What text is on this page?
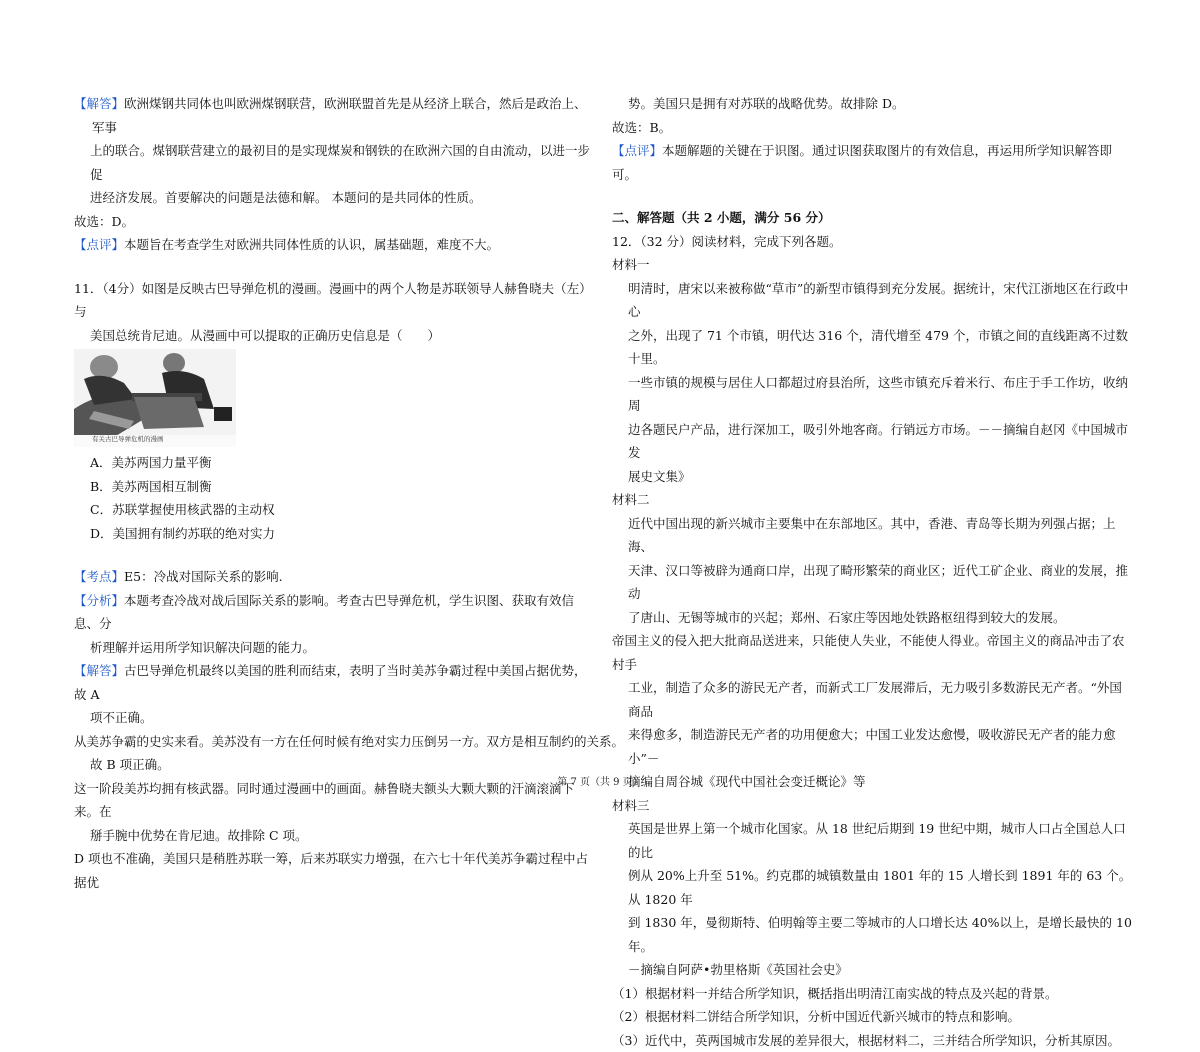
【解答】欧洲煤钢共同体也叫欧洲煤钢联营，欧洲联盟首先是从经济上联合，然后是政治上、军事

上的联合。煤钢联营建立的最初目的是实现煤炭和钢铁的在欧洲六国的自由流动，以进一步促

进经济发展。首要解决的问题是法德和解。 本题问的是共同体的性质。

故选：D。

【点评】本题旨在考查学生对欧洲共同体性质的认识，属基础题，难度不大。

11．（4分）如图是反映古巴导弹危机的漫画。漫画中的两个人物是苏联领导人赫鲁晓夫（左）与

美国总统肯尼迪。从漫画中可以提取的正确历史信息是（　　）

有关古巴导弹危机的漫画

A．美苏两国力量平衡

B．美苏两国相互制衡

C．苏联掌握使用核武器的主动权

D．美国拥有制约苏联的绝对实力

【考点】E5：冷战对国际关系的影响.

【分析】本题考查冷战对战后国际关系的影响。考查古巴导弹危机，学生识图、获取有效信息、分

析理解并运用所学知识解决问题的能力。

【解答】古巴导弹危机最终以美国的胜利而结束，表明了当时美苏争霸过程中美国占据优势，故 A

项不正确。

从美苏争霸的史实来看。美苏没有一方在任何时候有绝对实力压倒另一方。双方是相互制约的关系。

故 B 项正确。

这一阶段美苏均拥有核武器。同时通过漫画中的画面。赫鲁晓夫额头大颗大颗的汗滴滚滴下来。在

掰手腕中优势在肯尼迪。故排除 C 项。

D 项也不准确，美国只是稍胜苏联一筹，后来苏联实力增强，在六七十年代美苏争霸过程中占据优

势。美国只是拥有对苏联的战略优势。故排除 D。

故选：B。

【点评】本题解题的关键在于识图。通过识图获取图片的有效信息，再运用所学知识解答即可。

二、解答题（共 2 小题，满分 56 分）

12．（32 分）阅读材料，完成下列各题。

材料一

明清时，唐宋以来被称做“草市”的新型市镇得到充分发展。据统计，宋代江浙地区在行政中心

之外，出现了 71 个市镇，明代达 316 个，清代增至 479 个，市镇之间的直线距离不过数十里。

一些市镇的规模与居住人口都超过府县治所，这些市镇充斥着米行、布庄于手工作坊，收纳周

边各题民户产品，进行深加工，吸引外地客商。行销远方市场。－－摘编自赵冈《中国城市发

展史文集》

材料二

近代中国出现的新兴城市主要集中在东部地区。其中，香港、青岛等长期为列强占据；上海、

天津、汉口等被辟为通商口岸，出现了畸形繁荣的商业区；近代工矿企业、商业的发展，推动

了唐山、无锡等城市的兴起；郑州、石家庄等因地处铁路枢纽得到较大的发展。

帝国主义的侵入把大批商品送进来，只能使人失业，不能使人得业。帝国主义的商品冲击了农村手

工业，制造了众多的游民无产者，而新式工厂发展滞后，无力吸引多数游民无产者。“外国商品

来得愈多，制造游民无产者的功用便愈大；中国工业发达愈慢，吸收游民无产者的能力愈小”－

摘编自周谷城《现代中国社会变迁概论》等

材料三

英国是世界上第一个城市化国家。从 18 世纪后期到 19 世纪中期，城市人口占全国总人口的比

例从 20%上升至 51%。约克郡的城镇数量由 1801 年的 15 人增长到 1891 年的 63 个。从 1820 年

到 1830 年，曼彻斯特、伯明翰等主要二等城市的人口增长达 40%以上，是增长最快的 10 年。

－摘编自阿萨•勃里格斯《英国社会史》

（1）根据材料一并结合所学知识，概括指出明清江南实战的特点及兴起的背景。

（2）根据材料二饼结合所学知识，分析中国近代新兴城市的特点和影响。

（3）近代中，英两国城市发展的差异很大，根据材料二，三并结合所学知识，分析其原因。

第 7 页（共 9 页）
